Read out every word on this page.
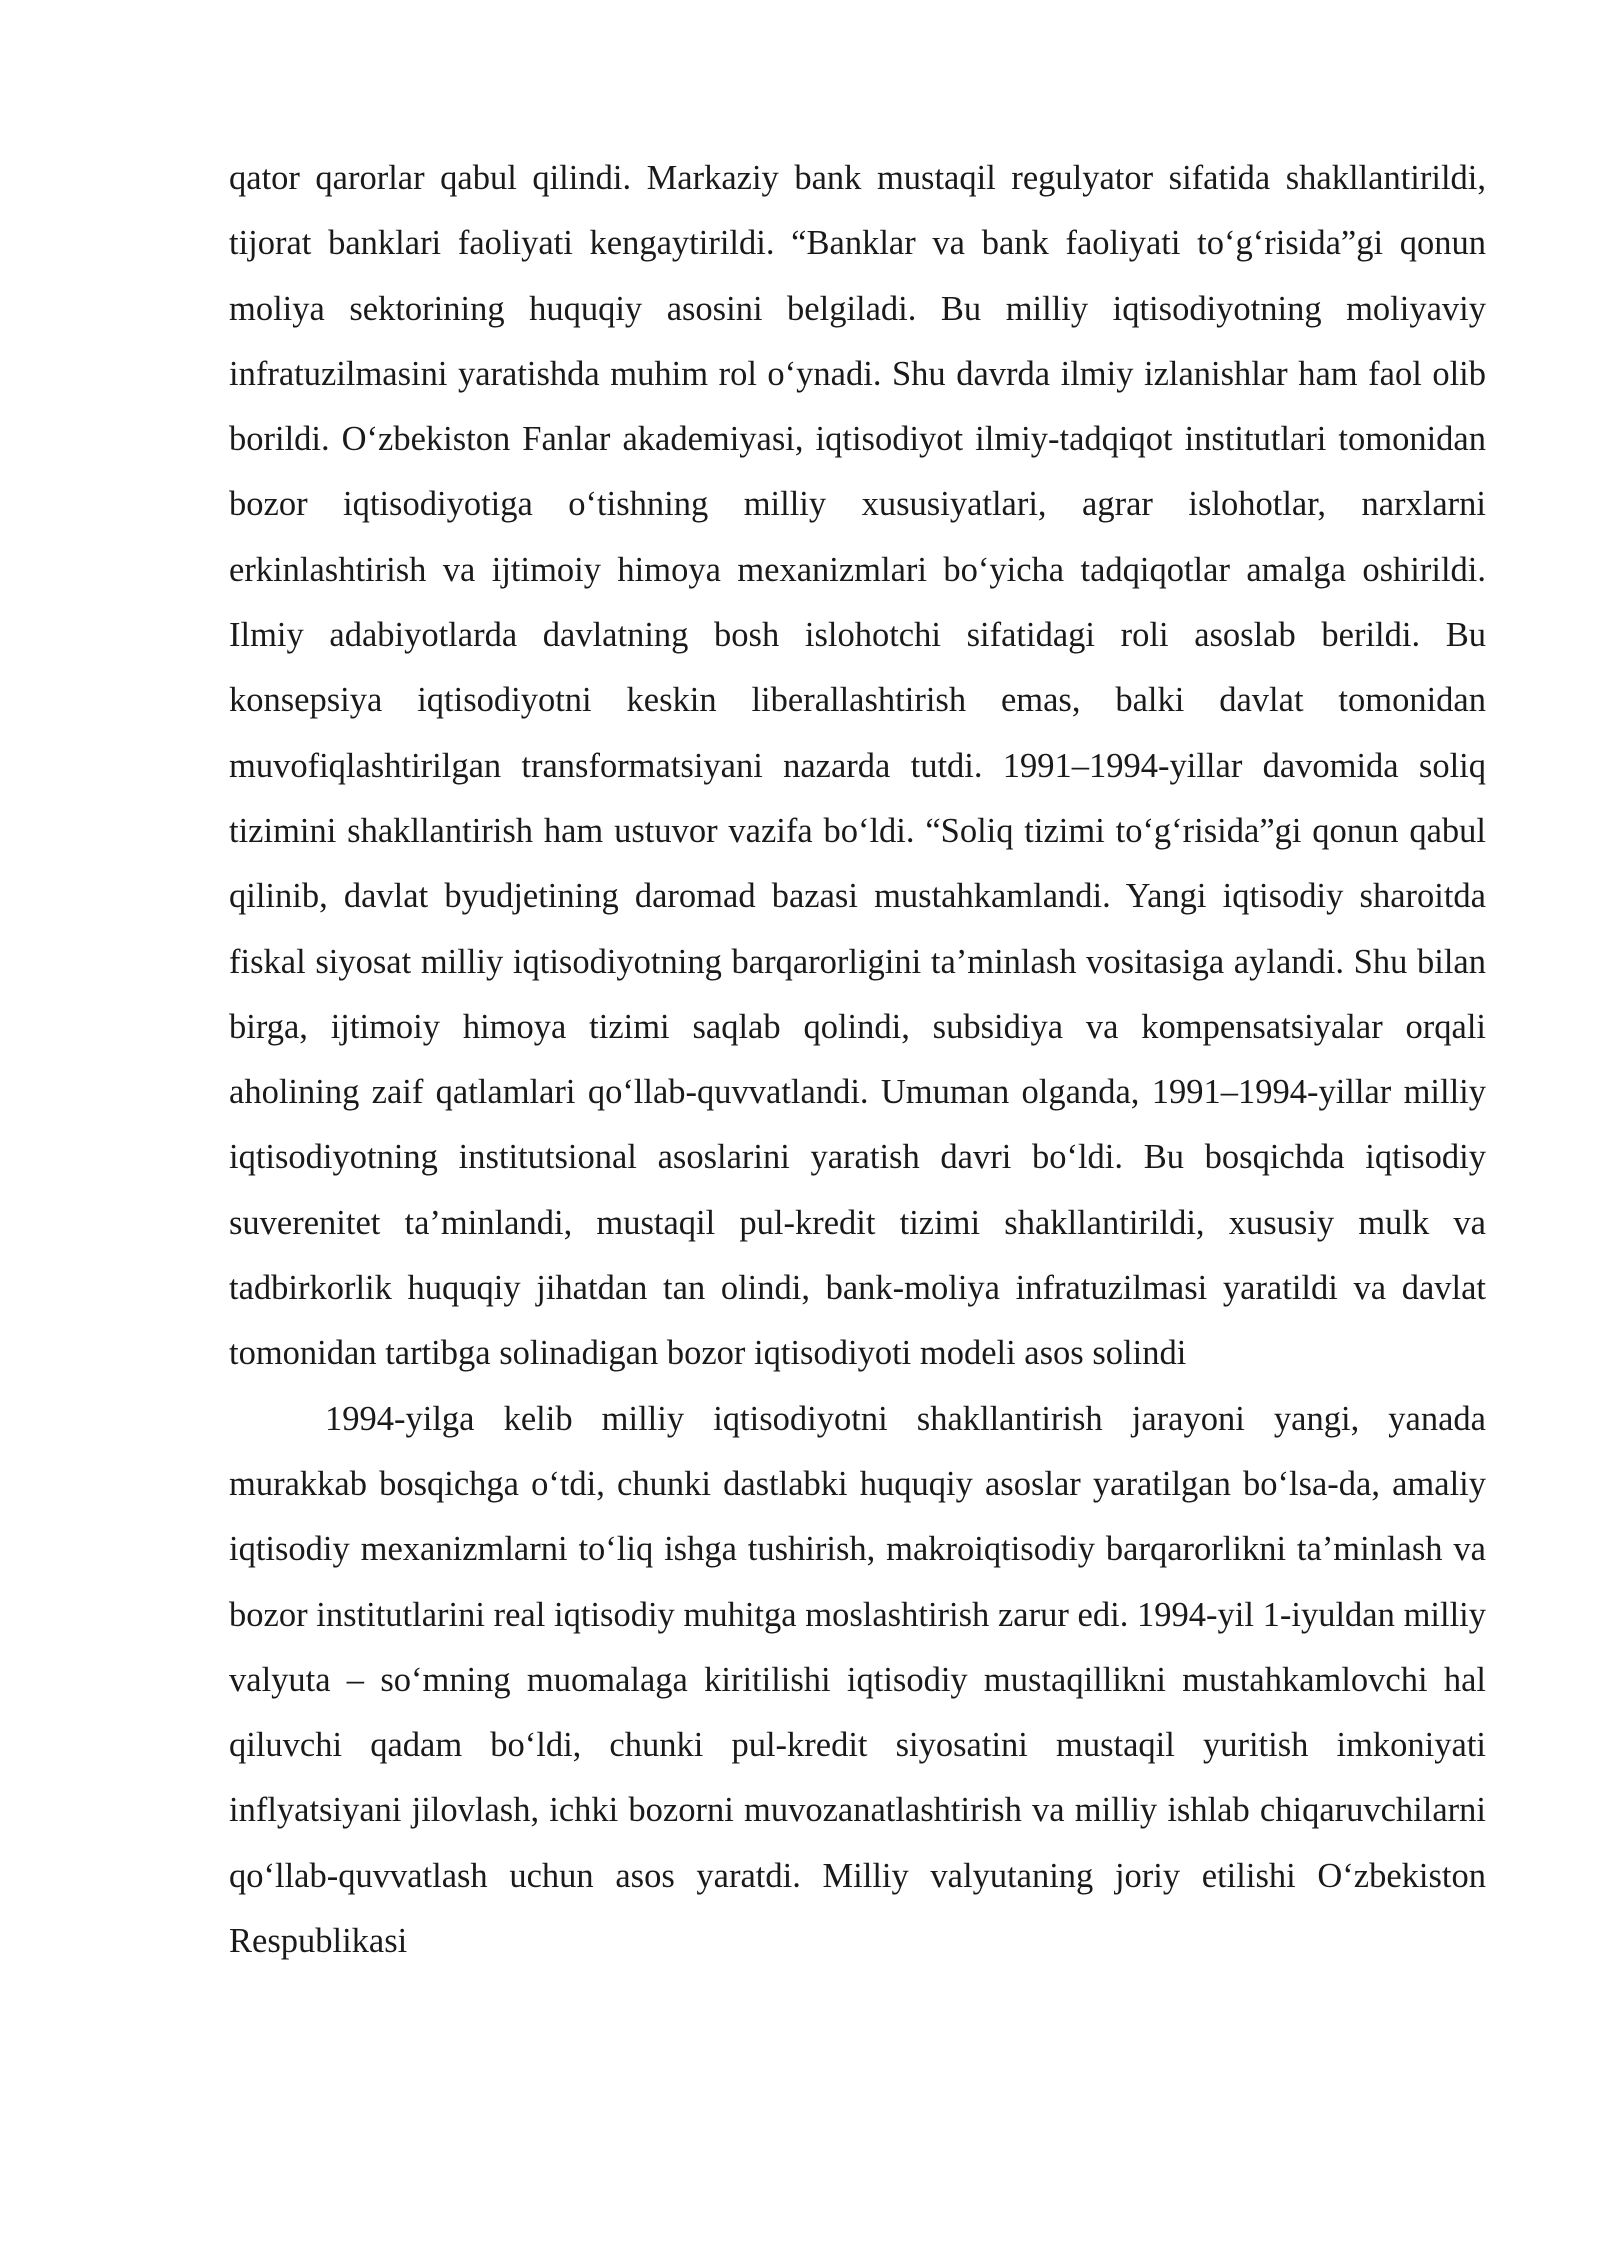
qator qarorlar qabul qilindi. Markaziy bank mustaqil regulyator sifatida shakllantirildi, tijorat banklari faoliyati kengaytirildi. “Banklar va bank faoliyati to‘g‘risida”gi qonun moliya sektorining huquqiy asosini belgiladi. Bu milliy iqtisodiyotning moliyaviy infratuzilmasini yaratishda muhim rol o‘ynadi. Shu davrda ilmiy izlanishlar ham faol olib borildi. O‘zbekiston Fanlar akademiyasi, iqtisodiyot ilmiy-tadqiqot institutlari tomonidan bozor iqtisodiyotiga o‘tishning milliy xususiyatlari, agrar islohotlar, narxlarni erkinlashtirish va ijtimoiy himoya mexanizmlari bo‘yicha tadqiqotlar amalga oshirildi. Ilmiy adabiyotlarda davlatning bosh islohotchi sifatidagi roli asoslab berildi. Bu konsepsiya iqtisodiyotni keskin liberallashtirish emas, balki davlat tomonidan muvofiqlashtirilgan transformatsiyani nazarda tutdi. 1991–1994-yillar davomida soliq tizimini shakllantirish ham ustuvor vazifa bo‘ldi. “Soliq tizimi to‘g‘risida”gi qonun qabul qilinib, davlat byudjetining daromad bazasi mustahkamlandi. Yangi iqtisodiy sharoitda fiskal siyosat milliy iqtisodiyotning barqarorligini ta’minlash vositasiga aylandi. Shu bilan birga, ijtimoiy himoya tizimi saqlab qolindi, subsidiya va kompensatsiyalar orqali aholining zaif qatlamlari qo‘llab-quvvatlandi. Umuman olganda, 1991–1994-yillar milliy iqtisodiyotning institutsional asoslarini yaratish davri bo‘ldi. Bu bosqichda iqtisodiy suverenitet ta’minlandi, mustaqil pul-kredit tizimi shakllantirildi, xususiy mulk va tadbirkorlik huquqiy jihatdan tan olindi, bank-moliya infratuzilmasi yaratildi va davlat tomonidan tartibga solinadigan bozor iqtisodiyoti modeli asos solindi

1994-yilga kelib milliy iqtisodiyotni shakllantirish jarayoni yangi, yanada murakkab bosqichga o‘tdi, chunki dastlabki huquqiy asoslar yaratilgan bo‘lsa-da, amaliy iqtisodiy mexanizmlarni to‘liq ishga tushirish, makroiqtisodiy barqarorlikni ta’minlash va bozor institutlarini real iqtisodiy muhitga moslashtirish zarur edi. 1994-yil 1-iyuldan milliy valyuta – so‘mning muomalaga kiritilishi iqtisodiy mustaqillikni mustahkamlovchi hal qiluvchi qadam bo‘ldi, chunki pul-kredit siyosatini mustaqil yuritish imkoniyati inflyatsiyani jilovlash, ichki bozorni muvozanatlashtirish va milliy ishlab chiqaruvchilarni qo‘llab-quvvatlash uchun asos yaratdi. Milliy valyutaning joriy etilishi O‘zbekiston Respublikasi
